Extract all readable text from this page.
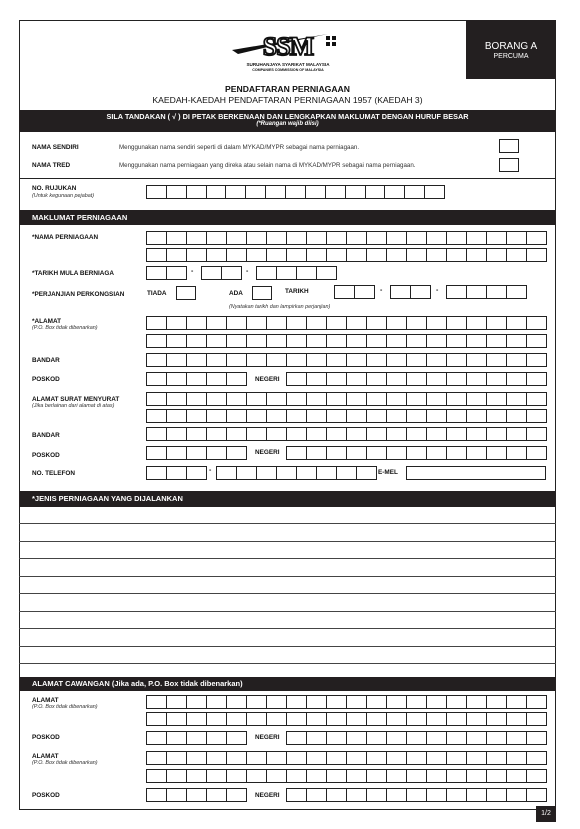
SSM
SURUHANJAYA SYARIKAT MALAYSIA
COMPANIES COMMISSION OF MALAYSIA
BORANG A
PERCUMA
PENDAFTARAN PERNIAGAAN
KAEDAH-KAEDAH PENDAFTARAN PERNIAGAAN 1957 (KAEDAH 3)
SILA TANDAKAN ( √ ) DI PETAK BERKENAAN DAN LENGKAPKAN MAKLUMAT DENGAN HURUF BESAR
(*Ruangan wajib diisi)
NAMA SENDIRI	Menggunakan nama sendiri seperti di dalam MYKAD/MYPR sebagai nama perniagaan.
NAMA TRED	Menggunakan nama perniagaan yang direka atau selain nama di MYKAD/MYPR sebagai nama perniagaan.
NO. RUJUKAN
(Untuk kegunaan pejabat)
MAKLUMAT PERNIAGAAN
*NAMA PERNIAGAAN
*TARIKH MULA BERNIAGA	-	-
*PERJANJIAN PERKONGSIAN	TIADA	ADA	TARIKH	-	-
(Nyatakan tarikh dan lampirkan perjanjian)
*ALAMAT
(P.O. Box tidak dibenarkan)
BANDAR
POSKOD	NEGERI
ALAMAT SURAT MENYURAT
(Jika berlainan dari alamat di atas)
BANDAR
POSKOD	NEGERI
NO. TELEFON	-	E-MEL
*JENIS PERNIAGAAN YANG DIJALANKAN
ALAMAT CAWANGAN (Jika ada, P.O. Box tidak dibenarkan)
ALAMAT
(P.O. Box tidak dibenarkan)
POSKOD	NEGERI
ALAMAT
(P.O. Box tidak dibenarkan)
POSKOD	NEGERI
1/2
